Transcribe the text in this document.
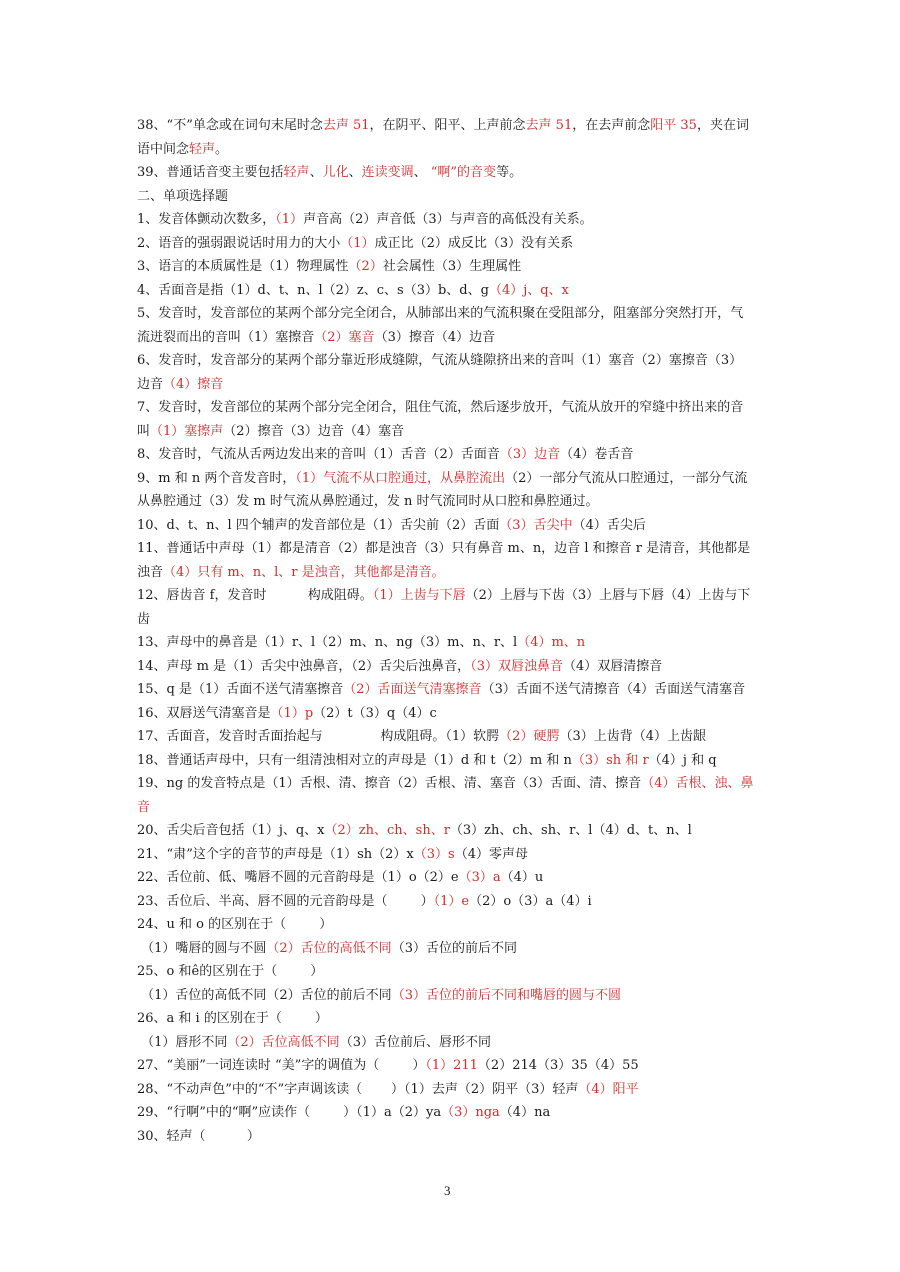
38、“不”单念或在词句末尾时念去声 51，在阴平、阳平、上声前念去声 51，在去声前念阳平 35，夹在词
语中间念轻声。
39、普通话音变主要包括轻声、儿化、连读变调、 “啊”的音变等。
二、单项选择题
1、发音体颤动次数多，（1）声音高（2）声音低（3）与声音的高低没有关系。
2、语音的强弱跟说话时用力的大小（1）成正比（2）成反比（3）没有关系
3、语言的本质属性是（1）物理属性（2）社会属性（3）生理属性
4、舌面音是指（1）d、t、n、l（2）z、c、s（3）b、d、g（4）j、q、x
5、发音时，发音部位的某两个部分完全闭合，从肺部出来的气流积聚在受阻部分，阻塞部分突然打开，气
流迸裂而出的音叫（1）塞擦音（2）塞音（3）擦音（4）边音
6、发音时，发音部分的某两个部分靠近形成缝隙，气流从缝隙挤出来的音叫（1）塞音（2）塞擦音（3）
边音（4）擦音
7、发音时，发音部位的某两个部分完全闭合，阻住气流，然后逐步放开，气流从放开的窄缝中挤出来的音
叫（1）塞擦声（2）擦音（3）边音（4）塞音
8、发音时，气流从舌两边发出来的音叫（1）舌音（2）舌面音（3）边音（4）卷舌音
9、m 和 n 两个音发音时，（1）气流不从口腔通过，从鼻腔流出（2）一部分气流从口腔通过，一部分气流
从鼻腔通过（3）发 m 时气流从鼻腔通过，发 n 时气流同时从口腔和鼻腔通过。
10、d、t、n、l 四个辅声的发音部位是（1）舌尖前（2）舌面（3）舌尖中（4）舌尖后
11、普通话中声母（1）都是清音（2）都是浊音（3）只有鼻音 m、n，边音 l 和擦音 r 是清音，其他都是
浊音（4）只有 m、n、l、r 是浊音，其他都是清音。
12、唇齿音 f，发音时          构成阻碍。（1）上齿与下唇（2）上唇与下齿（3）上唇与下唇（4）上齿与下
齿
13、声母中的鼻音是（1）r、l（2）m、n、ng（3）m、n、r、l（4）m、n
14、声母 m 是（1）舌尖中浊鼻音，（2）舌尖后浊鼻音，（3）双唇浊鼻音（4）双唇清擦音
15、q 是（1）舌面不送气清塞擦音（2）舌面送气清塞擦音（3）舌面不送气清擦音（4）舌面送气清塞音
16、双唇送气清塞音是（1）p（2）t（3）q（4）c
17、舌面音，发音时舌面抬起与              构成阻碍。（1）软腭（2）硬腭（3）上齿背（4）上齿龈
18、普通话声母中，只有一组清浊相对立的声母是（1）d 和 t（2）m 和 n（3）sh 和 r（4）j 和 q
19、ng 的发音特点是（1）舌根、清、擦音（2）舌根、清、塞音（3）舌面、清、擦音（4）舌根、浊、鼻
音
20、舌尖后音包括（1）j、q、x（2）zh、ch、sh、r（3）zh、ch、sh、r、l（4）d、t、n、l
21、“肃”这个字的音节的声母是（1）sh（2）x（3）s（4）零声母
22、舌位前、低、嘴唇不圆的元音韵母是（1）o（2）e（3）a（4）u
23、舌位后、半高、唇不圆的元音韵母是（        ）（1）e（2）o（3）a（4）i
24、u 和 o 的区别在于（        ）
（1）嘴唇的圆与不圆（2）舌位的高低不同（3）舌位的前后不同
25、o 和ê的区别在于（        ）
（1）舌位的高低不同（2）舌位的前后不同（3）舌位的前后不同和嘴唇的圆与不圆
26、a 和 i 的区别在于（        ）
（1）唇形不同（2）舌位高低不同（3）舌位前后、唇形不同
27、“美丽”一词连读时 “美”字的调值为（        ）（1）211（2）214（3）35（4）55
28、“不动声色”中的“不”字声调该读（       ）（1）去声（2）阴平（3）轻声（4）阳平
29、“行啊”中的“啊”应读作（        ）（1）a（2）ya（3）nga（4）na
30、轻声（          ）
3
